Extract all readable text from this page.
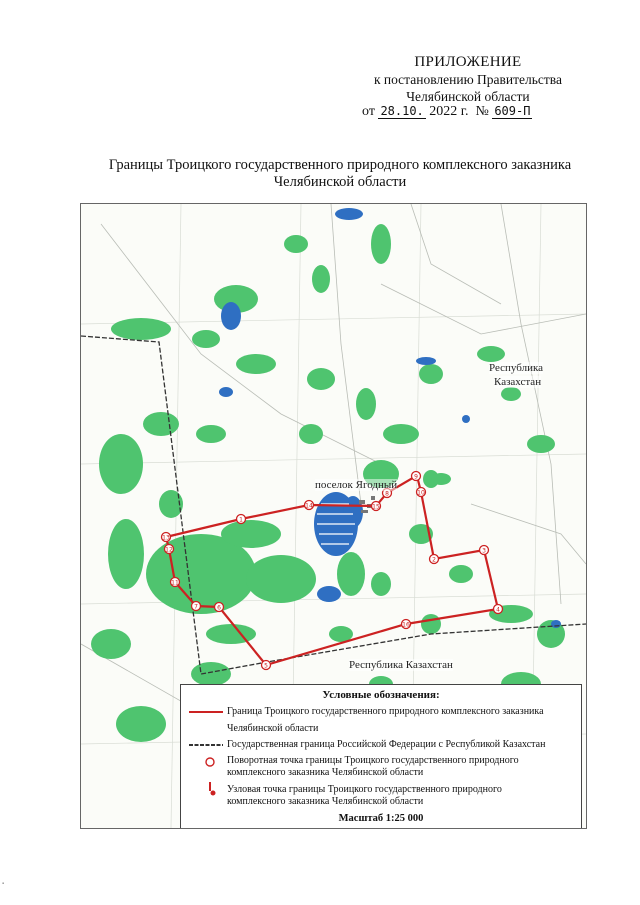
ПРИЛОЖЕНИЕ
к постановлению Правительства
Челябинской области
от 28.10. 2022 г. № 609-П
Границы Троицкого государственного природного комплексного заказника
Челябинской области
1
2
3
4
5
6
7
8
9
10
11
12
13
14	15
16
поселок Ягодный
Республика
Казахстан
Республика Казахстан
Условные обозначения:
Граница Троицкого государственного природного комплексного заказника
Челябинской области
Государственная граница Российской Федерации с Республикой Казахстан
Поворотная точка границы Троицкого государственного природного
комплексного заказника Челябинской области
Узловая точка границы Троицкого государственного природного
комплексного заказника Челябинской области
Масштаб 1:25 000
▪
